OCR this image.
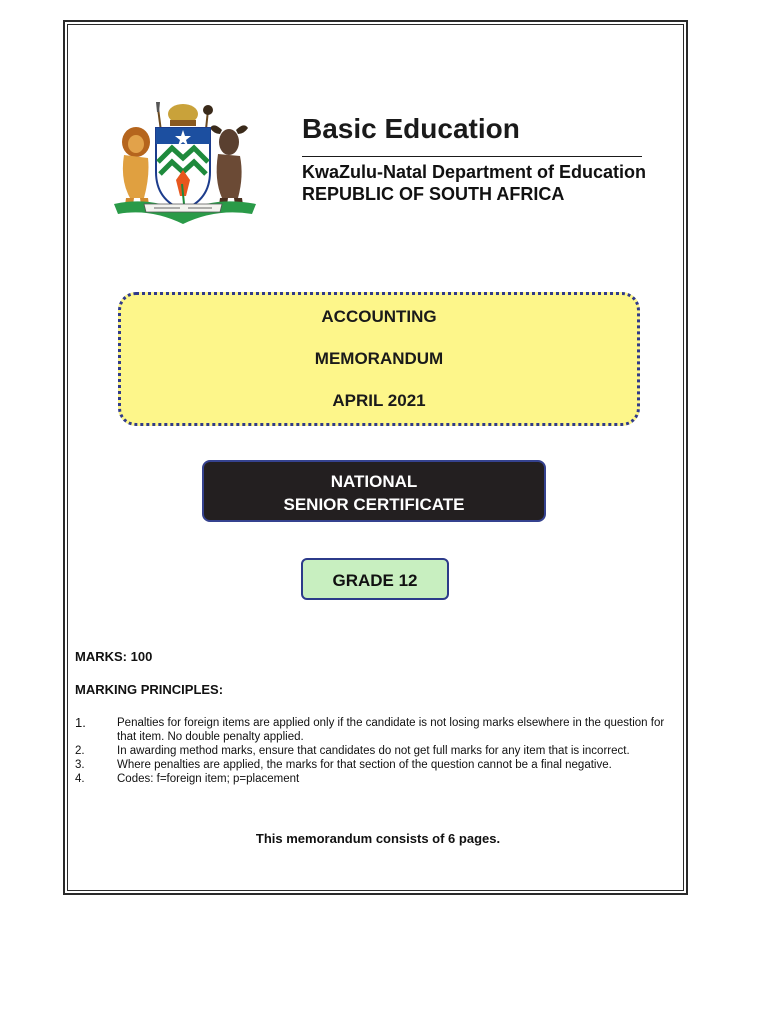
Basic Education
KwaZulu-Natal Department of Education
REPUBLIC OF SOUTH AFRICA
ACCOUNTING
MEMORANDUM
APRIL 2021
NATIONAL
SENIOR CERTIFICATE
GRADE 12
MARKS: 100
MARKING PRINCIPLES:
1.	Penalties for foreign items are applied only if the candidate is not losing marks elsewhere in the question for that item. No double penalty applied.
2.	In awarding method marks, ensure that candidates do not get full marks for any item that is incorrect.
3.	Where penalties are applied, the marks for that section of the question cannot be a final negative.
4.	Codes: f=foreign item; p=placement
This memorandum consists of 6 pages.
